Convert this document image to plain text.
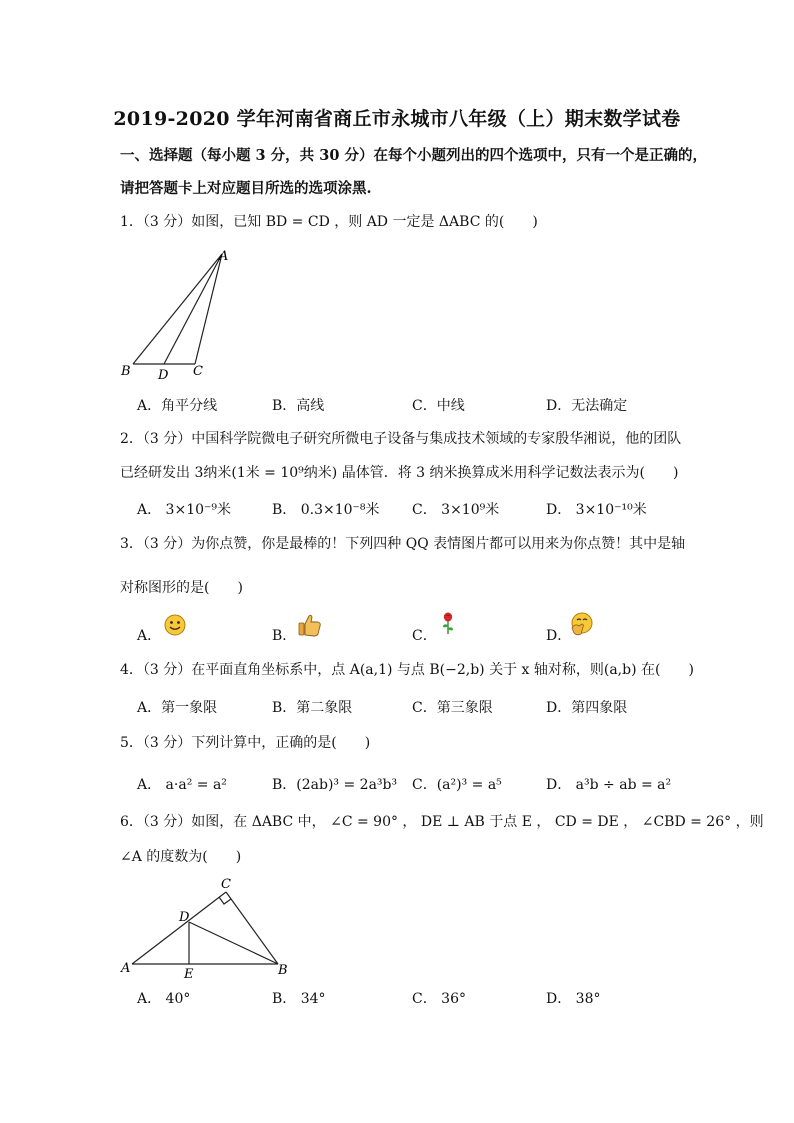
2019-2020 学年河南省商丘市永城市八年级（上）期末数学试卷
一、选择题（每小题 3 分，共 30 分）在每个小题列出的四个选项中，只有一个是正确的，
请把答题卡上对应题目所选的选项涂黑.
1．（3 分）如图，已知 BD = CD ，则 AD 一定是 ΔABC 的(　　)
A
B D C
A．角平分线	B．高线	C．中线	D．无法确定
2．（3 分）中国科学院微电子研究所微电子设备与集成技术领域的专家殷华湘说，他的团队
已经研发出 3纳米(1米 = 10⁹纳米) 晶体管．将 3 纳米换算成米用科学记数法表示为(　　)
A． 3×10⁻⁹米	B． 0.3×10⁻⁸米 C． 3×10⁹米	D． 3×10⁻¹⁰米
3．（3 分）为你点赞，你是最棒的！下列四种 QQ 表情图片都可以用来为你点赞！其中是轴
对称图形的是(　　)
A．	B．	C．	D．
4．（3 分）在平面直角坐标系中，点 A(a,1) 与点 B(−2,b) 关于 x 轴对称，则(a,b) 在(　　)
A．第一象限	B．第二象限	C．第三象限	D．第四象限
5．（3 分）下列计算中，正确的是(　　)
A． a·a² = a²	B．(2ab)³ = 2a³b³ C．(a²)³ = a⁵	D． a³b ÷ ab = a²
6．（3 分）如图，在 ΔABC 中， ∠C = 90° ， DE ⊥ AB 于点 E ， CD = DE ， ∠CBD = 26° ，则
∠A 的度数为(　　)
C
D
A	E	B
A． 40°	B． 34°	C． 36°	D． 38°
